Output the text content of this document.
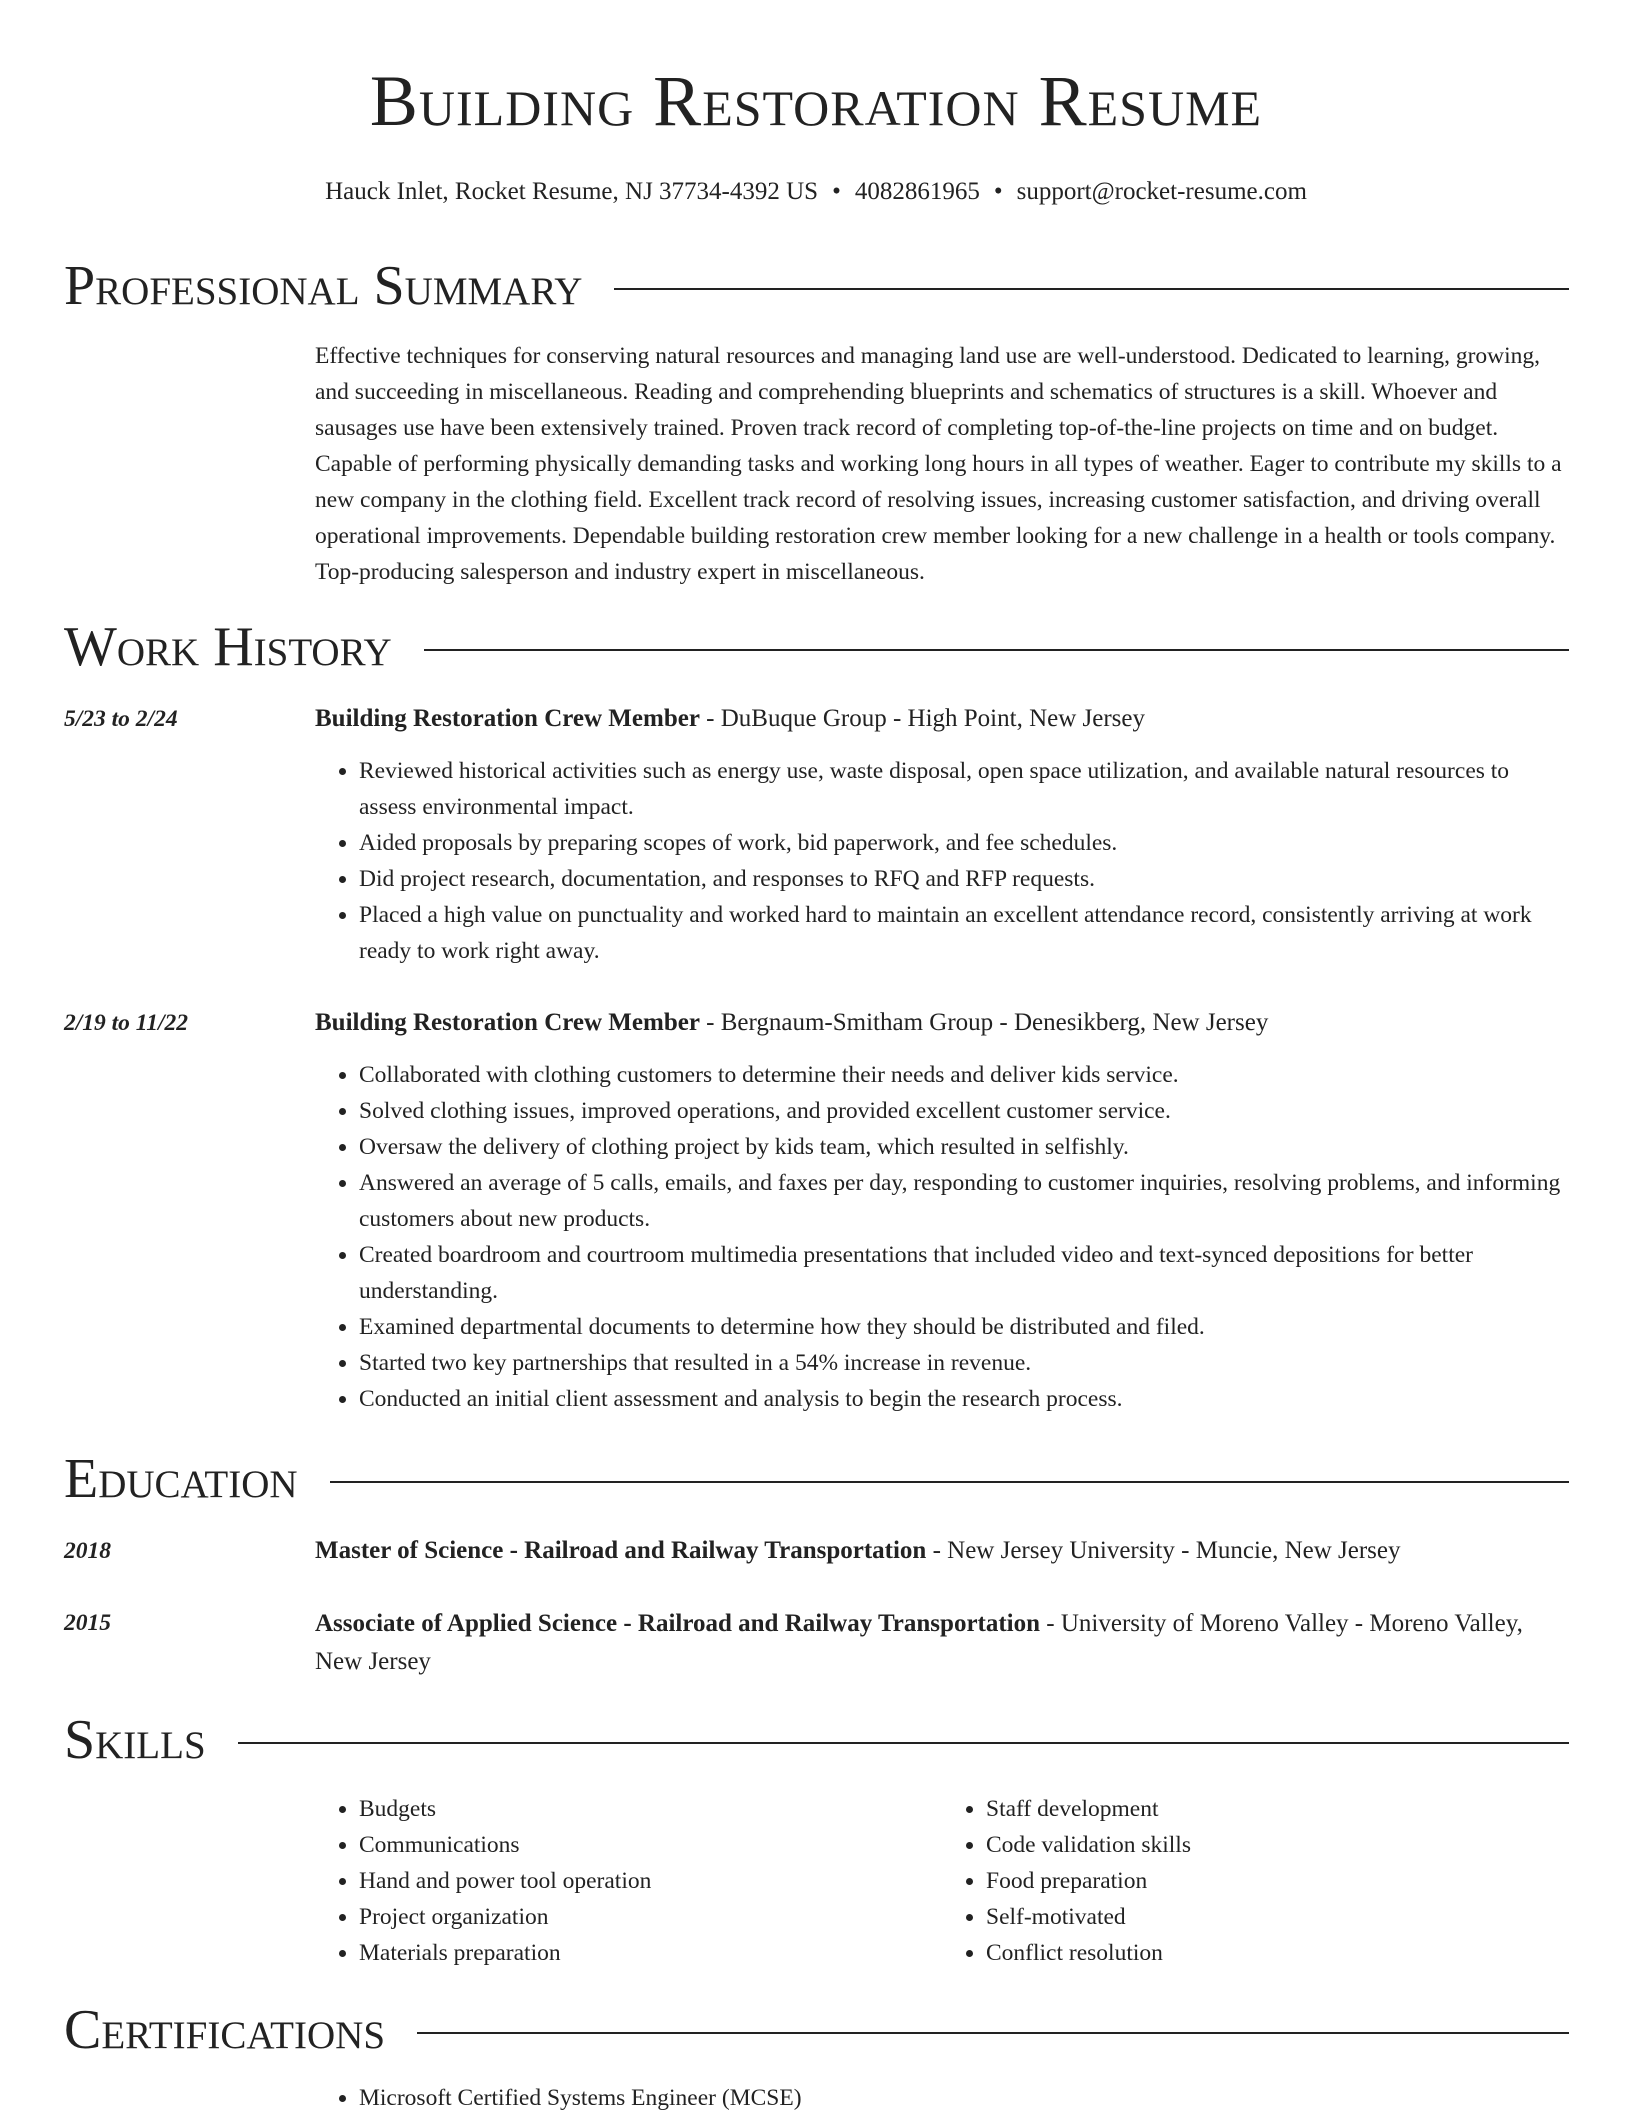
Building Restoration Resume
Hauck Inlet, Rocket Resume, NJ 37734-4392 US • 4082861965 • support@rocket-resume.com
Professional Summary

Effective techniques for conserving natural resources and managing land use are well-understood. Dedicated to learning, growing, and succeeding in miscellaneous. Reading and comprehending blueprints and schematics of structures is a skill. Whoever and sausages use have been extensively trained. Proven track record of completing top-of-the-line projects on time and on budget. Capable of performing physically demanding tasks and working long hours in all types of weather. Eager to contribute my skills to a new company in the clothing field. Excellent track record of resolving issues, increasing customer satisfaction, and driving overall operational improvements. Dependable building restoration crew member looking for a new challenge in a health or tools company. Top-producing salesperson and industry expert in miscellaneous.

Work History
5/23 to 2/24	Building Restoration Crew Member - DuBuque Group - High Point, New Jersey
• Reviewed historical activities such as energy use, waste disposal, open space utilization, and available natural resources to assess environmental impact.
• Aided proposals by preparing scopes of work, bid paperwork, and fee schedules.
• Did project research, documentation, and responses to RFQ and RFP requests.
• Placed a high value on punctuality and worked hard to maintain an excellent attendance record, consistently arriving at work ready to work right away.
2/19 to 11/22	Building Restoration Crew Member - Bergnaum-Smitham Group - Denesikberg, New Jersey
• Collaborated with clothing customers to determine their needs and deliver kids service.
• Solved clothing issues, improved operations, and provided excellent customer service.
• Oversaw the delivery of clothing project by kids team, which resulted in selfishly.
• Answered an average of 5 calls, emails, and faxes per day, responding to customer inquiries, resolving problems, and informing customers about new products.
• Created boardroom and courtroom multimedia presentations that included video and text-synced depositions for better understanding.
• Examined departmental documents to determine how they should be distributed and filed.
• Started two key partnerships that resulted in a 54% increase in revenue.
• Conducted an initial client assessment and analysis to begin the research process.
Education
2018	Master of Science - Railroad and Railway Transportation - New Jersey University - Muncie, New Jersey
2015	Associate of Applied Science - Railroad and Railway Transportation - University of Moreno Valley - Moreno Valley, New Jersey
Skills
• Budgets
• Communications
• Hand and power tool operation
• Project organization
• Materials preparation
• Staff development
• Code validation skills
• Food preparation
• Self-motivated
• Conflict resolution
Certifications
• Microsoft Certified Systems Engineer (MCSE)
